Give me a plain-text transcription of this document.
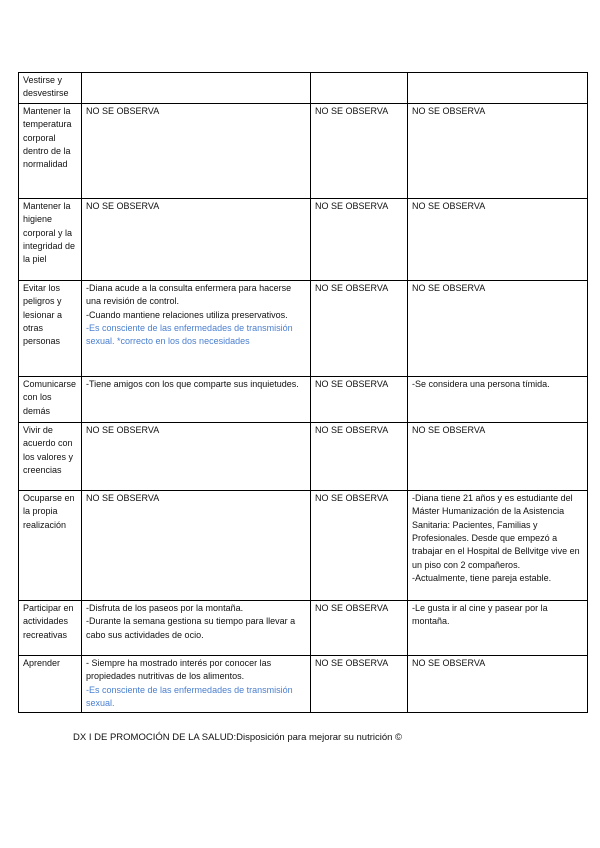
Vestirse y desvestirse			
Mantener la temperatura corporal dentro de la normalidad	NO SE OBSERVA	NO SE OBSERVA	NO SE OBSERVA

Mantener la higiene corporal y la integridad de la piel	NO SE OBSERVA	NO SE OBSERVA	NO SE OBSERVA

Evitar los peligros y lesionar a otras personas	-Diana acude a la consulta enfermera para hacerse una revisión de control.
-Cuando mantiene relaciones utiliza preservativos.
-Es consciente de las enfermedades de transmisión sexual. *correcto en los dos necesidades	NO SE OBSERVA	NO SE OBSERVA

Comunicarse con los demás	-Tiene amigos con los que comparte sus inquietudes.	NO SE OBSERVA	-Se considera una persona tímida.

Vivir de acuerdo con los valores y creencias	NO SE OBSERVA	NO SE OBSERVA	NO SE OBSERVA

Ocuparse en la propia realización	NO SE OBSERVA	NO SE OBSERVA	-Diana tiene 21 años y es estudiante del Máster Humanización de la Asistencia Sanitaria: Pacientes, Familias y Profesionales. Desde que empezó a trabajar en el Hospital de Bellvitge vive en un piso con 2 compañeros.
-Actualmente, tiene pareja estable.

Participar en actividades recreativas	-Disfruta de los paseos por la montaña.
-Durante la semana gestiona su tiempo para llevar a cabo sus actividades de ocio.	NO SE OBSERVA	-Le gusta ir al cine y pasear por la montaña.

Aprender	- Siempre ha mostrado interés por conocer las propiedades nutritivas de los alimentos.
-Es consciente de las enfermedades de transmisión sexual.	NO SE OBSERVA	NO SE OBSERVA
DX I DE PROMOCIÓN DE LA SALUD:Disposición para mejorar su nutrición ©
